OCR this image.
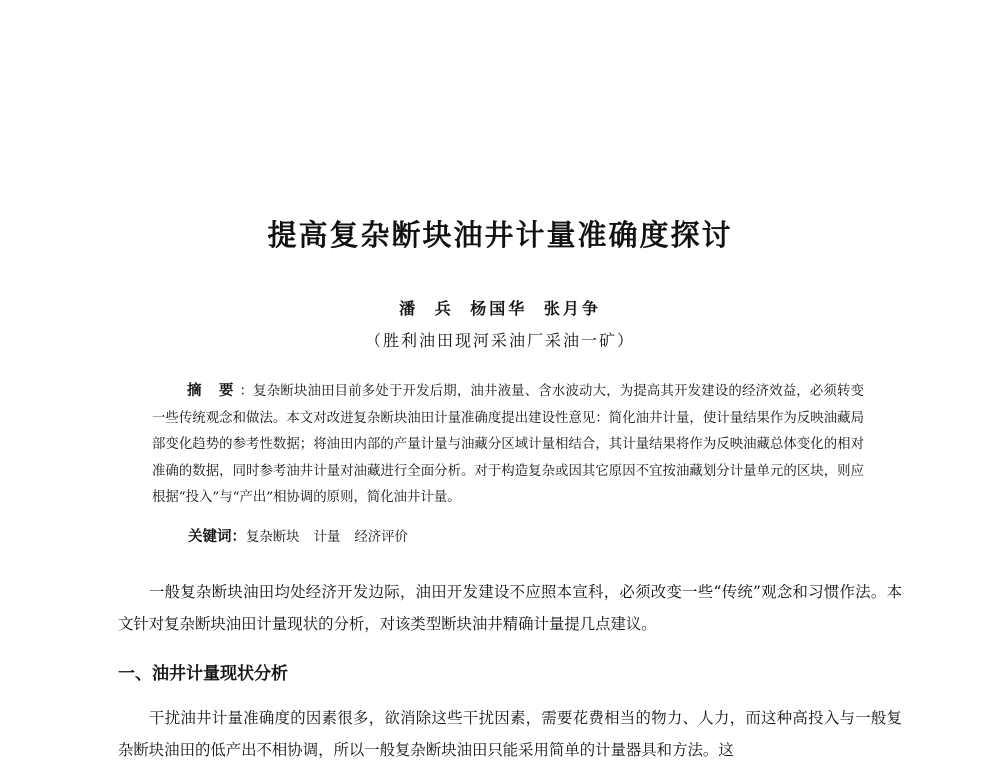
提高复杂断块油井计量准确度探讨
潘 兵 杨国华 张月争
（胜利油田现河采油厂采油一矿）
摘 要：复杂断块油田目前多处于开发后期，油井液量、含水波动大，为提高其开发建设的经济效益，必须转变一些传统观念和做法。本文对改进复杂断块油田计量准确度提出建设性意见：简化油井计量，使计量结果作为反映油藏局部变化趋势的参考性数据；将油田内部的产量计量与油藏分区域计量相结合，其计量结果将作为反映油藏总体变化的相对准确的数据，同时参考油井计量对油藏进行全面分析。对于构造复杂或因其它原因不宜按油藏划分计量单元的区块，则应根据“投入”与“产出”相协调的原则，简化油井计量。
关键词：复杂断块 计量 经济评价

一般复杂断块油田均处经济开发边际，油田开发建设不应照本宣科，必须改变一些“传统”观念和习惯作法。本文针对复杂断块油田计量现状的分析，对该类型断块油井精确计量提几点建议。

一、油井计量现状分析

干扰油井计量准确度的因素很多，欲消除这些干扰因素，需要花费相当的物力、人力，而这种高投入与一般复杂断块油田的低产出不相协调，所以一般复杂断块油田只能采用简单的计量器具和方法。这
